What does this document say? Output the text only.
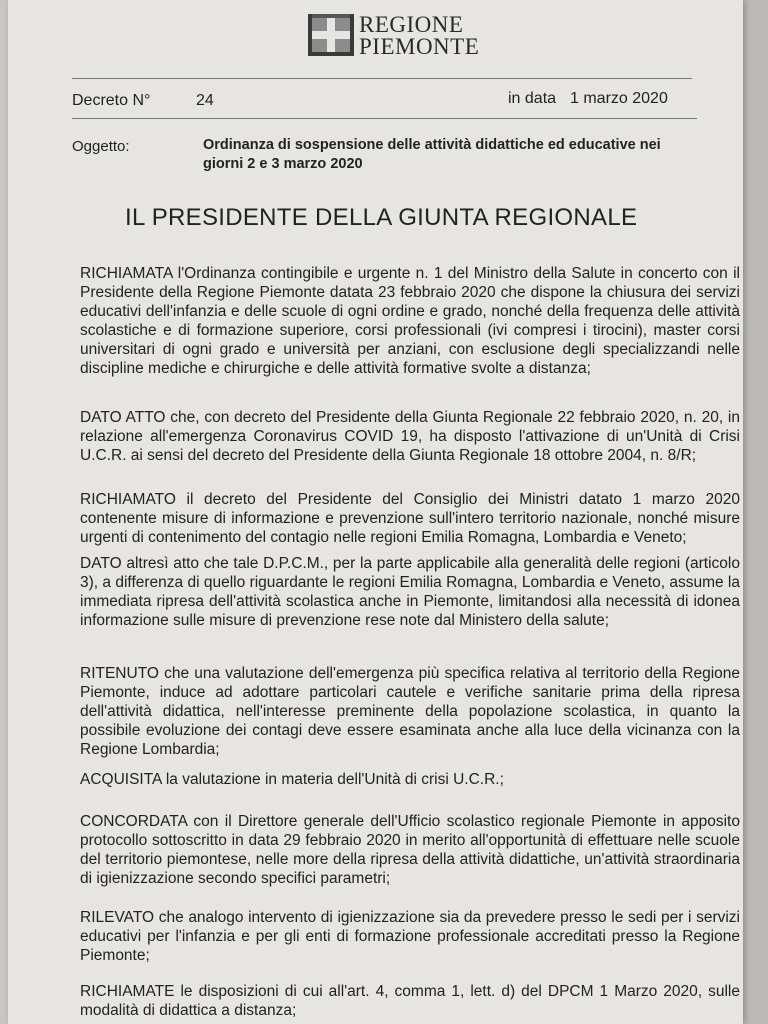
REGIONE
PIEMONTE
Decreto N°	24	in data 1 marzo 2020
Oggetto:	Ordinanza di sospensione delle attività didattiche ed educative nei giorni 2 e 3 marzo 2020
IL PRESIDENTE DELLA GIUNTA REGIONALE
RICHIAMATA l'Ordinanza contingibile e urgente n. 1 del Ministro della Salute in concerto con il Presidente della Regione Piemonte datata 23 febbraio 2020 che dispone la chiusura dei servizi educativi dell'infanzia e delle scuole di ogni ordine e grado, nonché della frequenza delle attività scolastiche e di formazione superiore, corsi professionali (ivi compresi i tirocini), master corsi universitari di ogni grado e università per anziani, con esclusione degli specializzandi nelle discipline mediche e chirurgiche e delle attività formative svolte a distanza;
DATO ATTO che, con decreto del Presidente della Giunta Regionale 22 febbraio 2020, n. 20, in relazione all'emergenza Coronavirus COVID 19, ha disposto l'attivazione di un'Unità di Crisi U.C.R. ai sensi del decreto del Presidente della Giunta Regionale 18 ottobre 2004, n. 8/R;
RICHIAMATO il decreto del Presidente del Consiglio dei Ministri datato 1 marzo 2020 contenente misure di informazione e prevenzione sull'intero territorio nazionale, nonché misure urgenti di contenimento del contagio nelle regioni Emilia Romagna, Lombardia e Veneto;
DATO altresì atto che tale D.P.C.M., per la parte applicabile alla generalità delle regioni (articolo 3), a differenza di quello riguardante le regioni Emilia Romagna, Lombardia e Veneto, assume la immediata ripresa dell'attività scolastica anche in Piemonte, limitandosi alla necessità di idonea informazione sulle misure di prevenzione rese note dal Ministero della salute;
RITENUTO che una valutazione dell'emergenza più specifica relativa al territorio della Regione Piemonte, induce ad adottare particolari cautele e verifiche sanitarie prima della ripresa dell'attività didattica, nell'interesse preminente della popolazione scolastica, in quanto la possibile evoluzione dei contagi deve essere esaminata anche alla luce della vicinanza con la Regione Lombardia;
ACQUISITA la valutazione in materia dell'Unità di crisi U.C.R.;
CONCORDATA con il Direttore generale dell'Ufficio scolastico regionale Piemonte in apposito protocollo sottoscritto in data 29 febbraio 2020 in merito all'opportunità di effettuare nelle scuole del territorio piemontese, nelle more della ripresa della attività didattiche, un'attività straordinaria di igienizzazione secondo specifici parametri;
RILEVATO che analogo intervento di igienizzazione sia da prevedere presso le sedi per i servizi educativi per l'infanzia e per gli enti di formazione professionale accreditati presso la Regione Piemonte;
RICHIAMATE le disposizioni di cui all'art. 4, comma 1, lett. d) del DPCM 1 Marzo 2020, sulle modalità di didattica a distanza;
